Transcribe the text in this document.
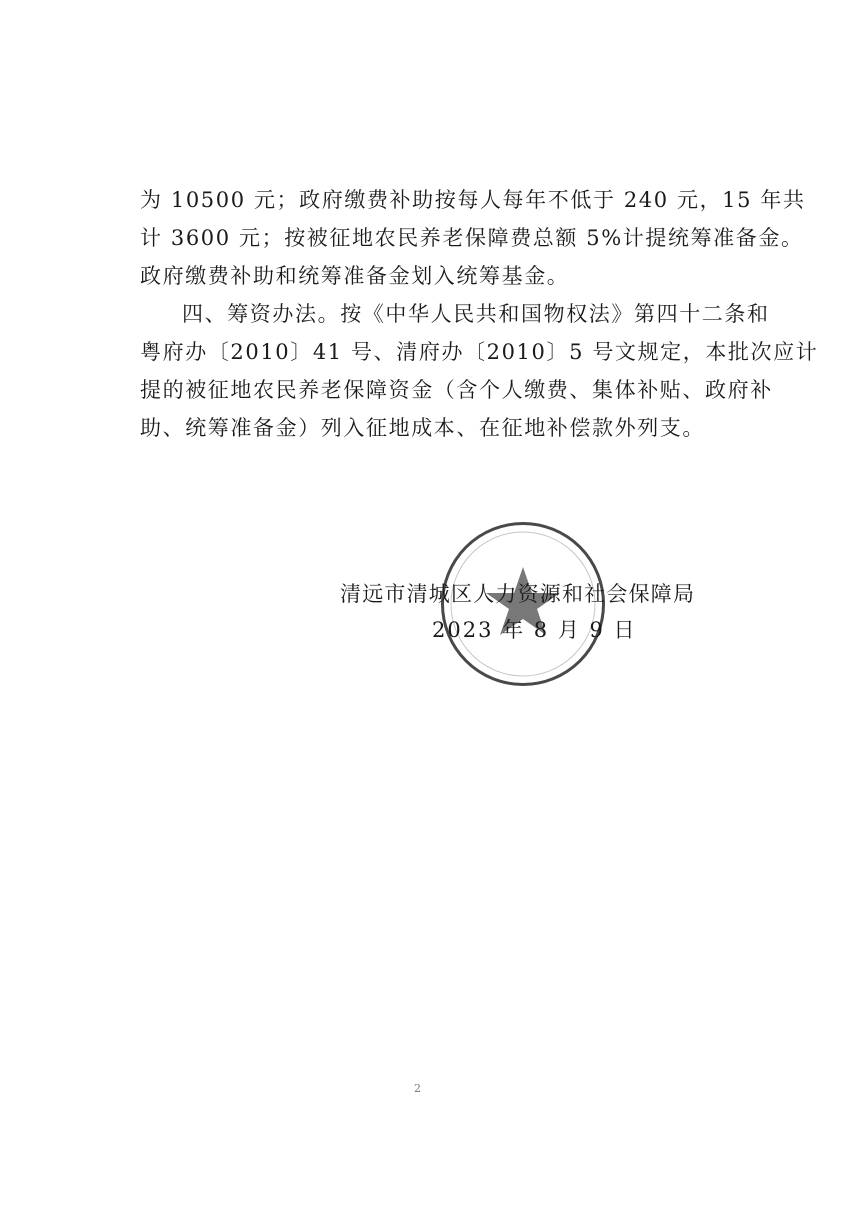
为 10500 元；政府缴费补助按每人每年不低于 240 元，15 年共
计 3600 元；按被征地农民养老保障费总额 5%计提统筹准备金。
政府缴费补助和统筹准备金划入统筹基金。
四、筹资办法。按《中华人民共和国物权法》第四十二条和
粤府办〔2010〕41 号、清府办〔2010〕5 号文规定，本批次应计
提的被征地农民养老保障资金（含个人缴费、集体补贴、政府补
助、统筹准备金）列入征地成本、在征地补偿款外列支。
清远市清城区人力资源和社会保障局
2023 年 8 月 9 日
2
